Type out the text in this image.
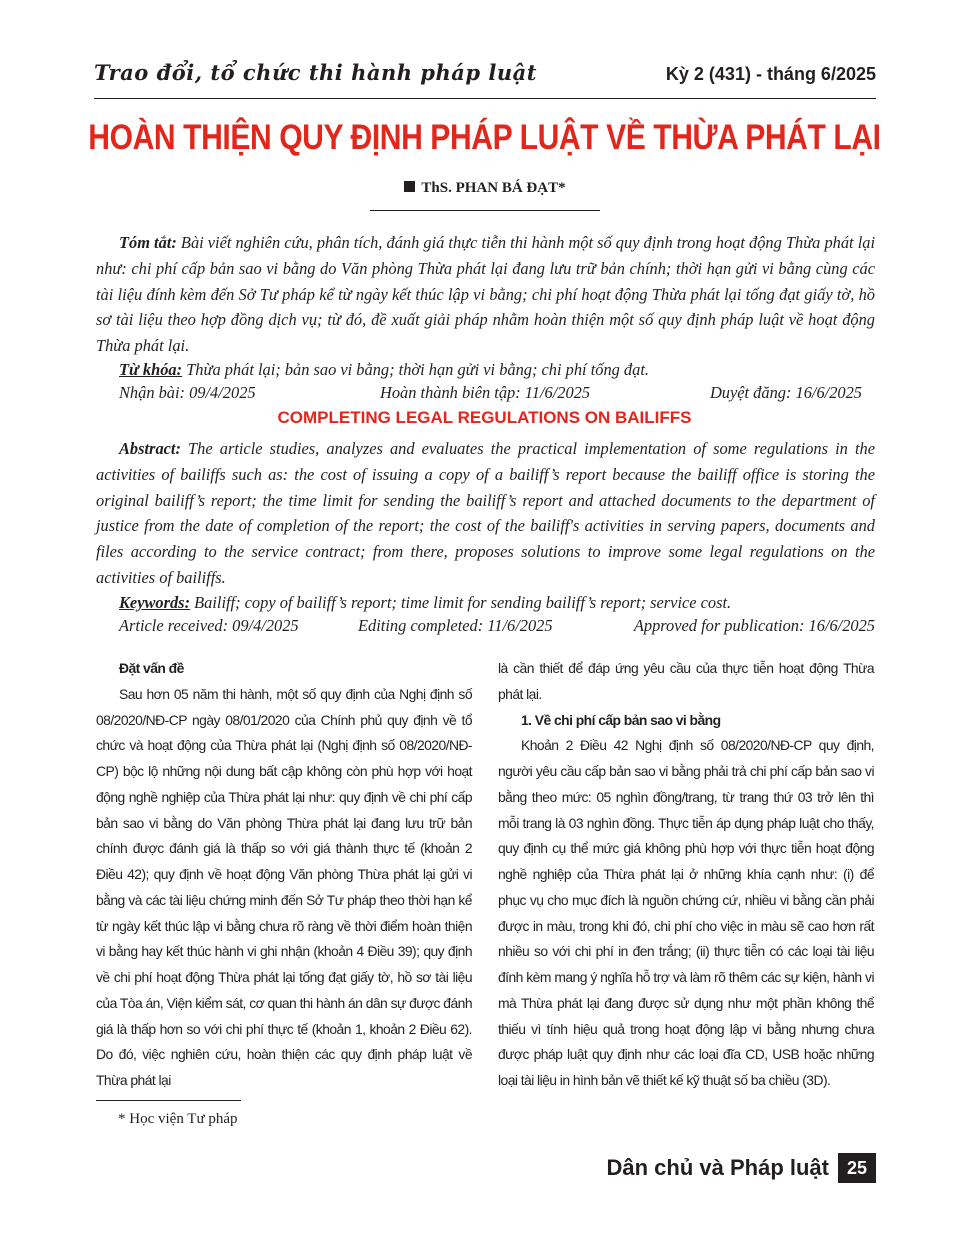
Trao đổi, tổ chức thi hành pháp luật	Kỳ 2 (431) - tháng 6/2025
HOÀN THIỆN QUY ĐỊNH PHÁP LUẬT VỀ THỪA PHÁT LẠI
ThS. PHAN BÁ ĐẠT*
Tóm tắt: Bài viết nghiên cứu, phân tích, đánh giá thực tiễn thi hành một số quy định trong hoạt động Thừa phát lại như: chi phí cấp bản sao vi bằng do Văn phòng Thừa phát lại đang lưu trữ bản chính; thời hạn gửi vi bằng cùng các tài liệu đính kèm đến Sở Tư pháp kể từ ngày kết thúc lập vi bằng; chi phí hoạt động Thừa phát lại tống đạt giấy tờ, hồ sơ tài liệu theo hợp đồng dịch vụ; từ đó, đề xuất giải pháp nhằm hoàn thiện một số quy định pháp luật về hoạt động Thừa phát lại.
Từ khóa: Thừa phát lại; bản sao vi bằng; thời hạn gửi vi bằng; chi phí tống đạt.
Nhận bài: 09/4/2025	Hoàn thành biên tập: 11/6/2025	Duyệt đăng: 16/6/2025
COMPLETING LEGAL REGULATIONS ON BAILIFFS
Abstract: The article studies, analyzes and evaluates the practical implementation of some regulations in the activities of bailiffs such as: the cost of issuing a copy of a bailiff’s report because the bailiff office is storing the original bailiff’s report; the time limit for sending the bailiff’s report and attached documents to the department of justice from the date of completion of the report; the cost of the bailiff's activities in serving papers, documents and files according to the service contract; from there, proposes solutions to improve some legal regulations on the activities of bailiffs.
Keywords: Bailiff; copy of bailiff’s report; time limit for sending bailiff’s report; service cost.
Article received: 09/4/2025	Editing completed: 11/6/2025	Approved for publication: 16/6/2025
Đặt vấn đề

Sau hơn 05 năm thi hành, một số quy định của Nghị định số 08/2020/NĐ-CP ngày 08/01/2020 của Chính phủ quy định về tổ chức và hoạt động của Thừa phát lại (Nghị định số 08/2020/NĐ-CP) bộc lộ những nội dung bất cập không còn phù hợp với hoạt động nghề nghiệp của Thừa phát lại như: quy định về chi phí cấp bản sao vi bằng do Văn phòng Thừa phát lại đang lưu trữ bản chính được đánh giá là thấp so với giá thành thực tế (khoản 2 Điều 42); quy định về hoạt động Văn phòng Thừa phát lại gửi vi bằng và các tài liệu chứng minh đến Sở Tư pháp theo thời hạn kể từ ngày kết thúc lập vi bằng chưa rõ ràng về thời điểm hoàn thiện vi bằng hay kết thúc hành vi ghi nhận (khoản 4 Điều 39); quy định về chi phí hoạt động Thừa phát lại tống đạt giấy tờ, hồ sơ tài liệu của Tòa án, Viện kiểm sát, cơ quan thi hành án dân sự được đánh giá là thấp hơn so với chi phí thực tế (khoản 1, khoản 2 Điều 62). Do đó, việc nghiên cứu, hoàn thiện các quy định pháp luật về Thừa phát lại

là cần thiết để đáp ứng yêu cầu của thực tiễn hoạt động Thừa phát lại.

1. Về chi phí cấp bản sao vi bằng

Khoản 2 Điều 42 Nghị định số 08/2020/NĐ-CP quy định, người yêu cầu cấp bản sao vi bằng phải trả chi phí cấp bản sao vi bằng theo mức: 05 nghìn đồng/trang, từ trang thứ 03 trở lên thì mỗi trang là 03 nghìn đồng. Thực tiễn áp dụng pháp luật cho thấy, quy định cụ thể mức giá không phù hợp với thực tiễn hoạt động nghề nghiệp của Thừa phát lại ở những khía cạnh như: (i) để phục vụ cho mục đích là nguồn chứng cứ, nhiều vi bằng cần phải được in màu, trong khi đó, chi phí cho việc in màu sẽ cao hơn rất nhiều so với chi phí in đen trắng; (ii) thực tiễn có các loại tài liệu đính kèm mang ý nghĩa hỗ trợ và làm rõ thêm các sự kiện, hành vi mà Thừa phát lại đang được sử dụng như một phần không thể thiếu vì tính hiệu quả trong hoạt động lập vi bằng nhưng chưa được pháp luật quy định như các loại đĩa CD, USB hoặc những loại tài liệu in hình bản vẽ thiết kế kỹ thuật số ba chiều (3D).

* Học viện Tư pháp
Dân chủ và Pháp luật 25
